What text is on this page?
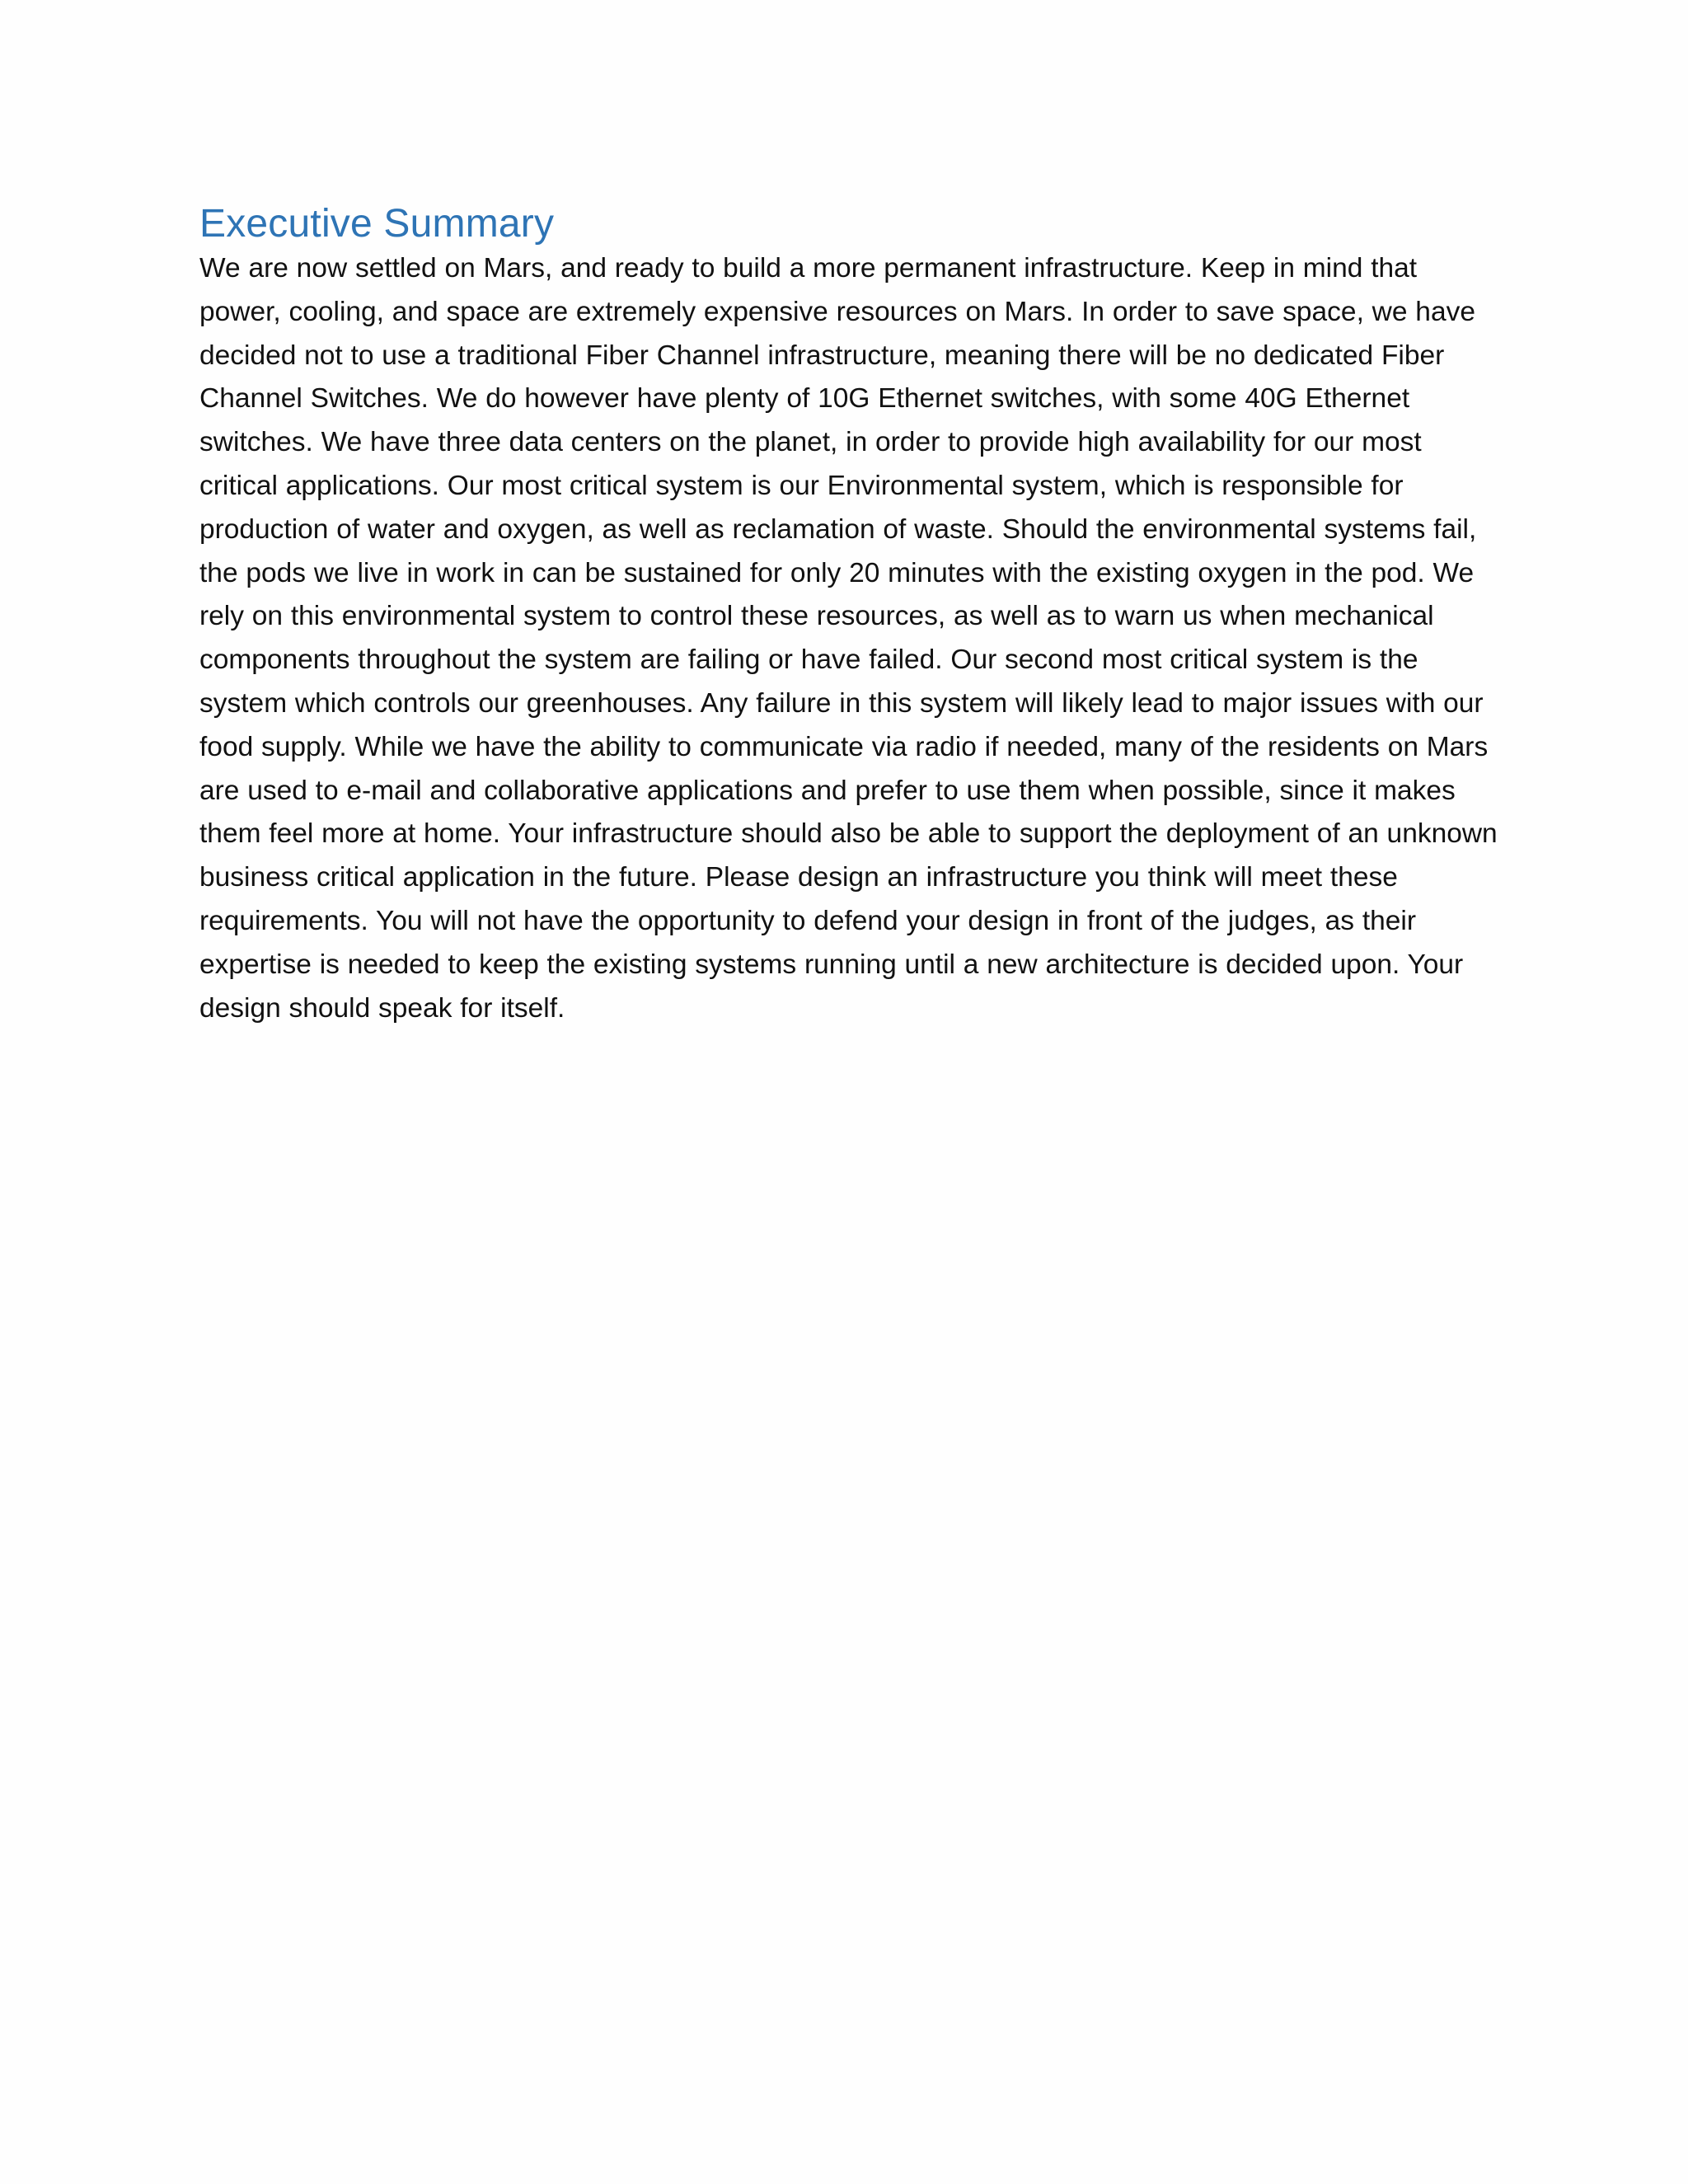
Executive Summary

We are now settled on Mars, and ready to build a more permanent infrastructure. Keep in mind that power, cooling, and space are extremely expensive resources on Mars. In order to save space, we have decided not to use a traditional Fiber Channel infrastructure, meaning there will be no dedicated Fiber Channel Switches. We do however have plenty of 10G Ethernet switches, with some 40G Ethernet switches. We have three data centers on the planet, in order to provide high availability for our most critical applications. Our most critical system is our Environmental system, which is responsible for production of water and oxygen, as well as reclamation of waste. Should the environmental systems fail, the pods we live in work in can be sustained for only 20 minutes with the existing oxygen in the pod. We rely on this environmental system to control these resources, as well as to warn us when mechanical components throughout the system are failing or have failed. Our second most critical system is the system which controls our greenhouses. Any failure in this system will likely lead to major issues with our food supply. While we have the ability to communicate via radio if needed, many of the residents on Mars are used to e-mail and collaborative applications and prefer to use them when possible, since it makes them feel more at home. Your infrastructure should also be able to support the deployment of an unknown business critical application in the future. Please design an infrastructure you think will meet these requirements. You will not have the opportunity to defend your design in front of the judges, as their expertise is needed to keep the existing systems running until a new architecture is decided upon. Your design should speak for itself.
